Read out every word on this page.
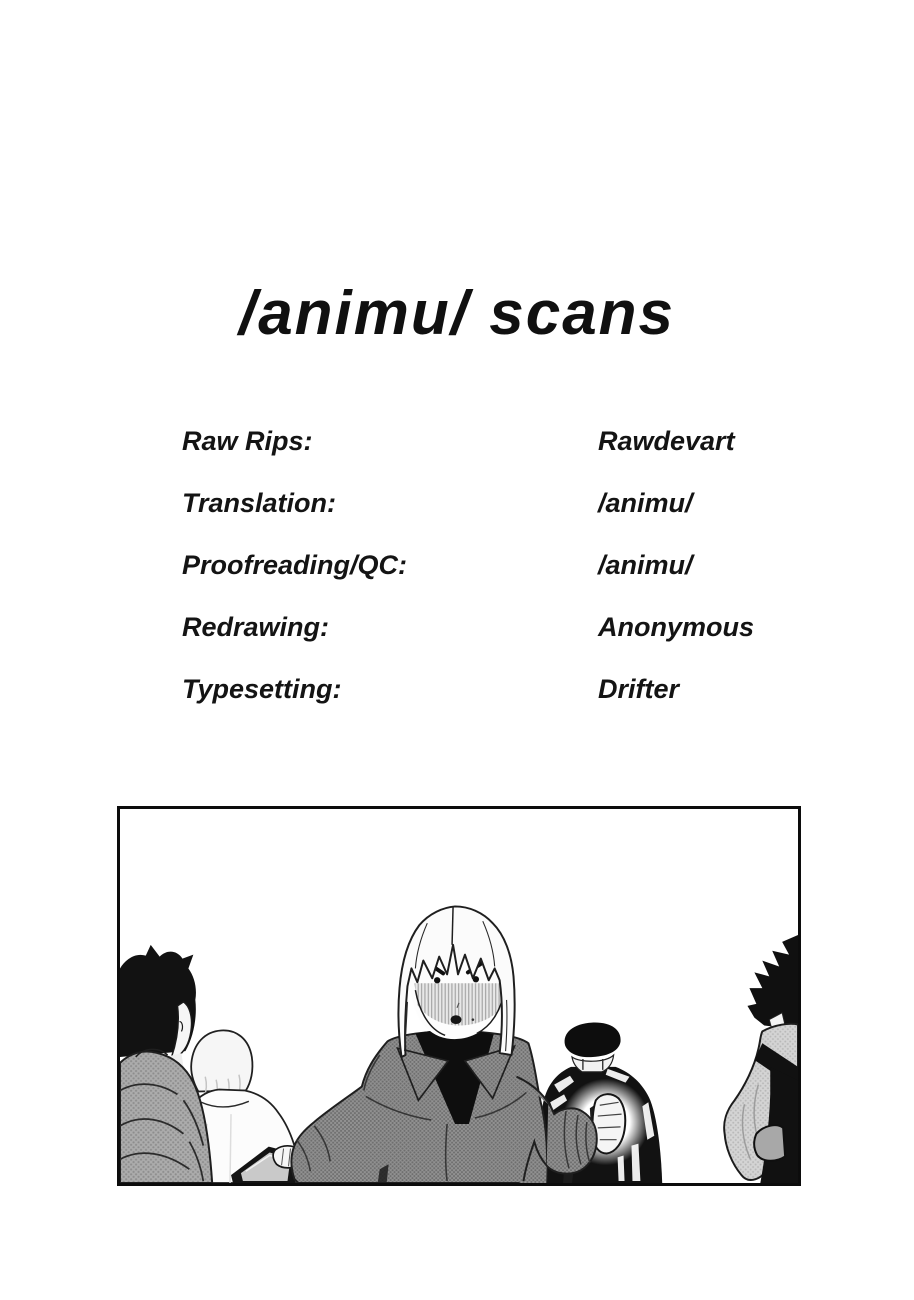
/animu/ scans
Raw Rips:	Rawdevart
Translation:	/animu/
Proofreading/QC:	/animu/
Redrawing:	Anonymous
Typesetting:	Drifter
